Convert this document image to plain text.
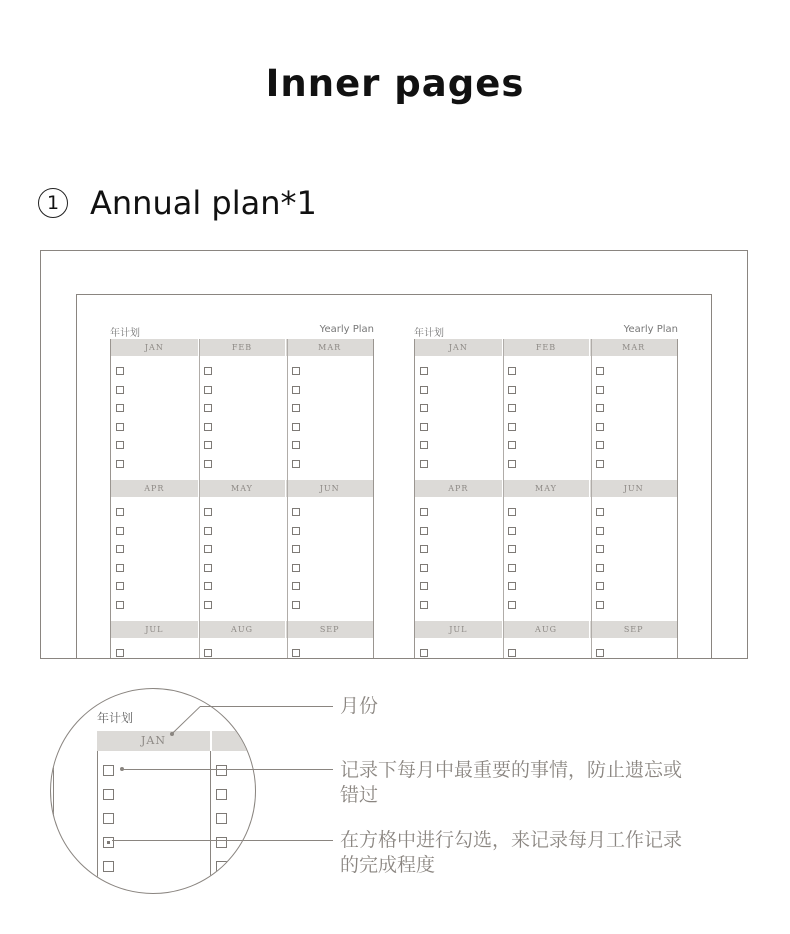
Inner pages
1 Annual plan*1
年计划	Yearly Plan
JAN	FEB	MAR
APR	MAY	JUN
JUL	AUG	SEP
年计划	Yearly Plan
JAN	FEB	MAR
APR	MAY	JUN
JUL	AUG	SEP
年计划
JAN
月份
记录下每月中最重要的事情，防止遗忘或
错过
在方格中进行勾选，来记录每月工作记录
的完成程度
